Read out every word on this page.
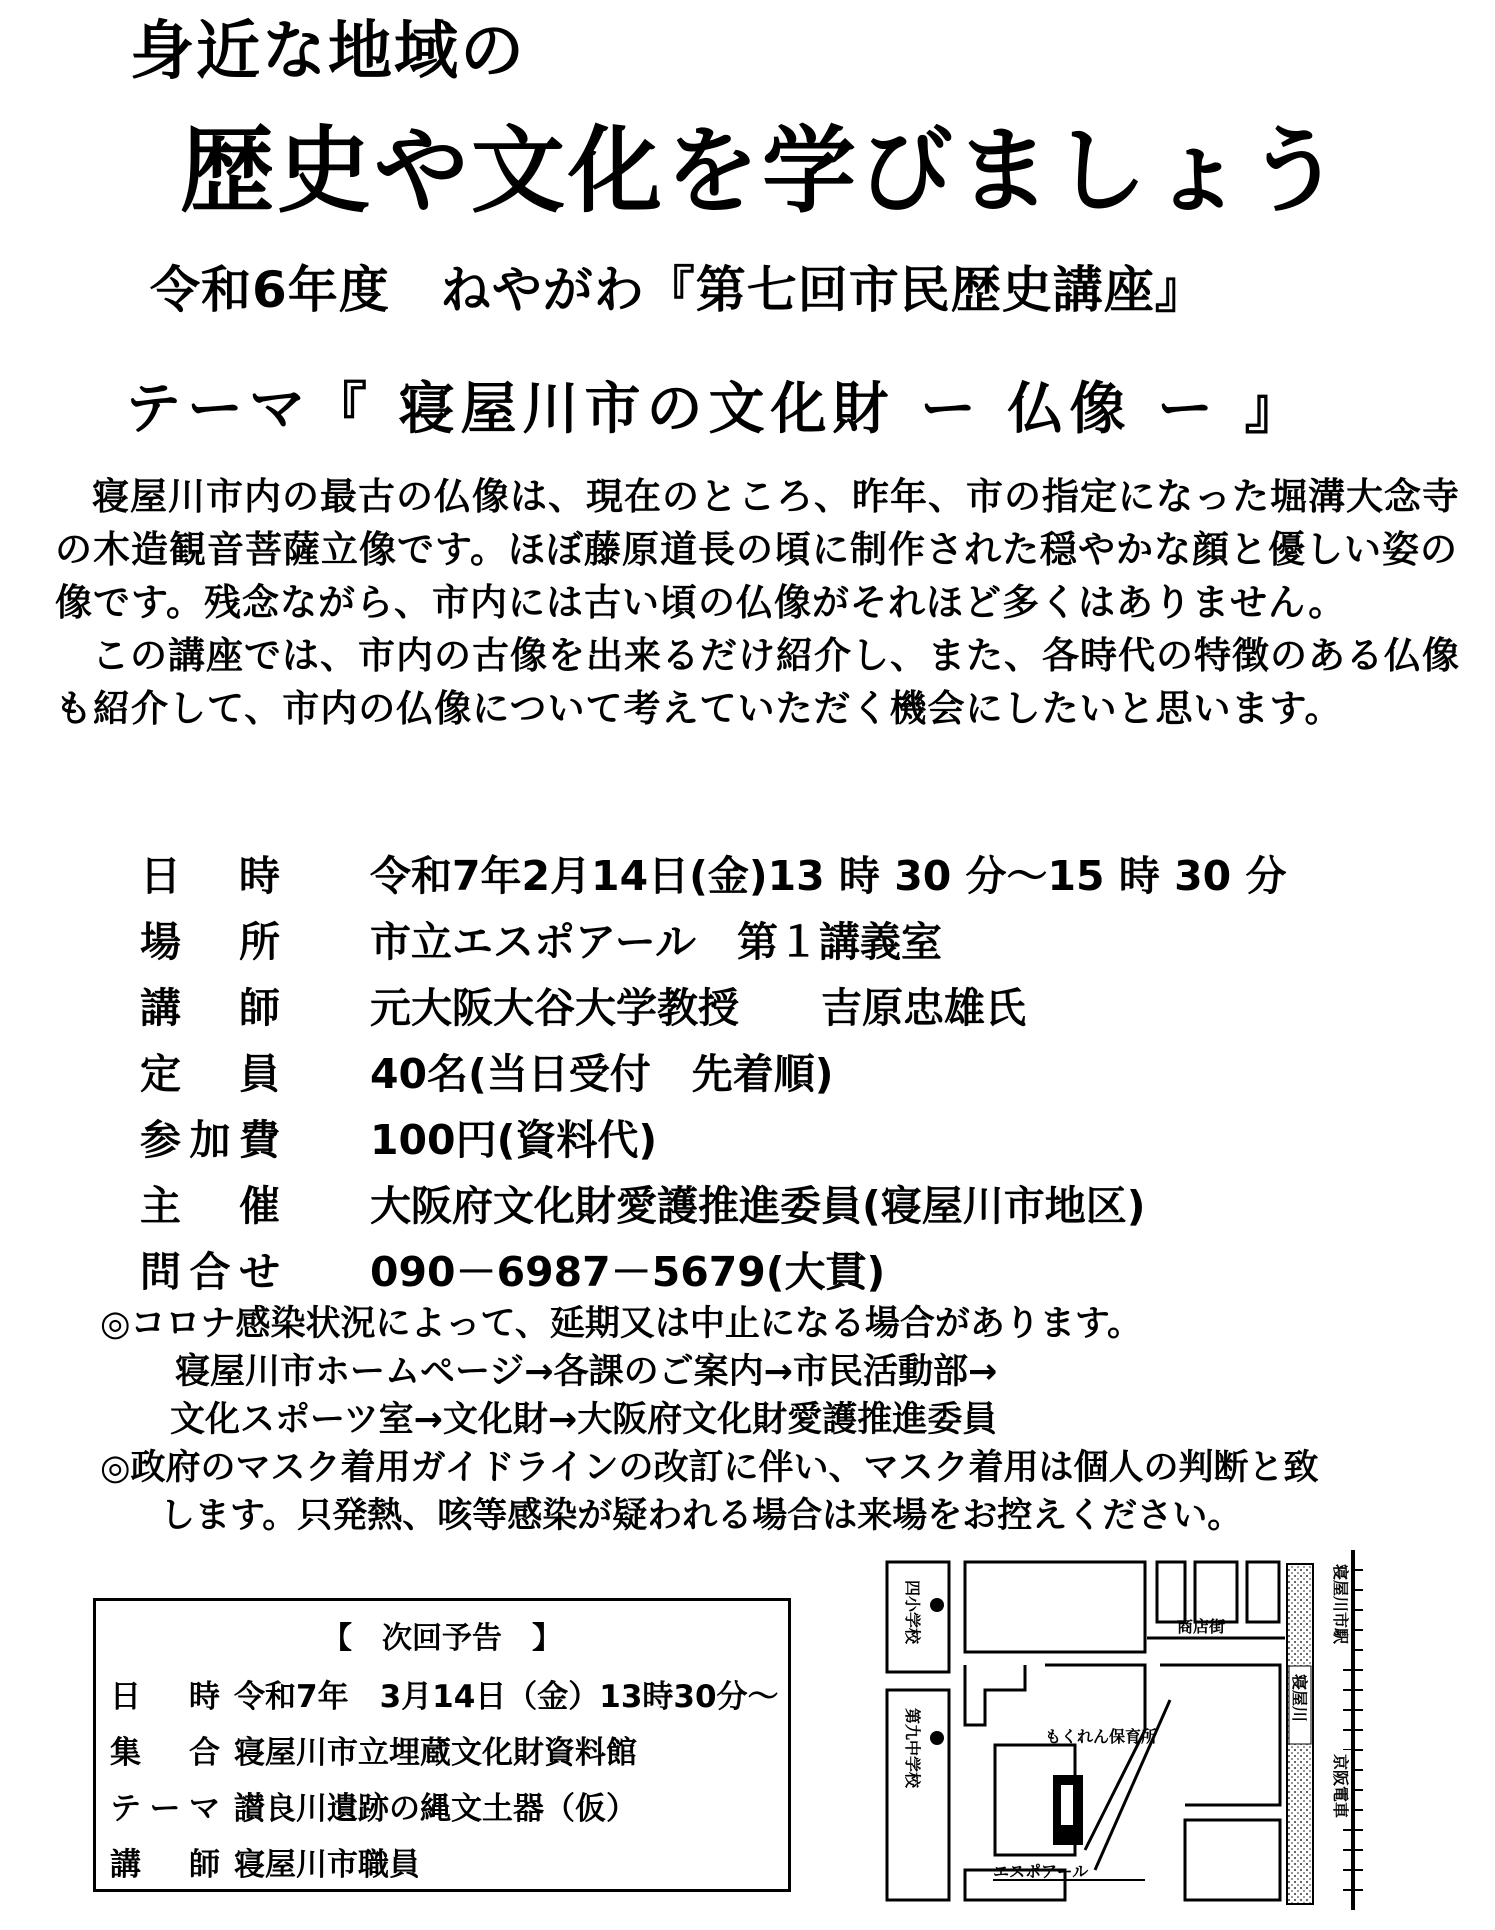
身近な地域の
歴史や文化を学びましょう
令和6年度　ねやがわ『第七回市民歴史講座』
テーマ『 寝屋川市の文化財 ー 仏像 ー 』

寝屋川市内の最古の仏像は、現在のところ、昨年、市の指定になった堀溝大念寺の木造観音菩薩立像です。ほぼ藤原道長の頃に制作された穏やかな顔と優しい姿の像です。残念ながら、市内には古い頃の仏像がそれほど多くはありません。

この講座では、市内の古像を出来るだけ紹介し、また、各時代の特徴のある仏像も紹介して、市内の仏像について考えていただく機会にしたいと思います。

日時 令和7年2月14日(金)13 時 30 分～15 時 30 分
場所 市立エスポアール　第１講義室
講師 元大阪大谷大学教授　　吉原忠雄氏
定員 40名(当日受付　先着順)
参加費 100円(資料代)
主催 大阪府文化財愛護推進委員(寝屋川市地区)
問合せ 090－6987－5679(大貫)
◎コロナ感染状況によって、延期又は中止になる場合があります。
寝屋川市ホームページ→各課のご案内→市民活動部→
文化スポーツ室→文化財→大阪府文化財愛護推進委員
◎政府のマスク着用ガイドラインの改訂に伴い、マスク着用は個人の判断と致
します。只発熱、咳等感染が疑われる場合は来場をお控えください。
【　次回予告　】
日時 令和7年　3月14日（金）13時30分～
集合 寝屋川市立埋蔵文化財資料館
テーマ 讃良川遺跡の縄文土器（仮）
講師 寝屋川市職員
四小学校
第九中学校
商店街
寝屋川
寝屋川市駅
京阪電車
もくれん保育所
エスポアール
